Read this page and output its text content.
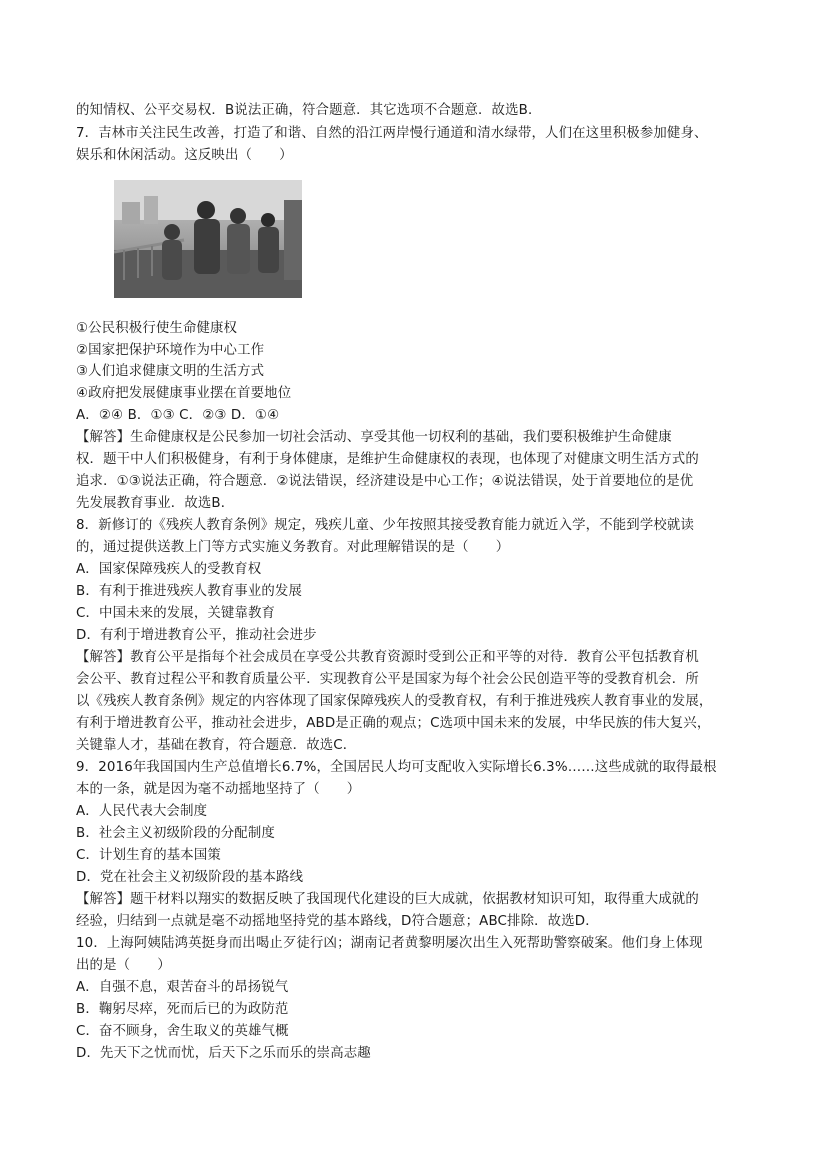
的知情权、公平交易权．B说法正确，符合题意．其它选项不合题意．故选B．
7．吉林市关注民生改善，打造了和谐、自然的沿江两岸慢行通道和清水绿带，人们在这里积极参加健身、
娱乐和休闲活动。这反映出（　　）
①公民积极行使生命健康权
②国家把保护环境作为中心工作
③人们追求健康文明的生活方式
④政府把发展健康事业摆在首要地位
A．②④ B．①③ C．②③ D．①④
【解答】生命健康权是公民参加一切社会活动、享受其他一切权利的基础，我们要积极维护生命健康
权．题干中人们积极健身，有利于身体健康，是维护生命健康权的表现，也体现了对健康文明生活方式的
追求．①③说法正确，符合题意．②说法错误，经济建设是中心工作；④说法错误，处于首要地位的是优
先发展教育事业．故选B．
8．新修订的《残疾人教育条例》规定，残疾儿童、少年按照其接受教育能力就近入学，不能到学校就读
的，通过提供送教上门等方式实施义务教育。对此理解错误的是（　　）
A．国家保障残疾人的受教育权
B．有利于推进残疾人教育事业的发展
C．中国未来的发展，关键靠教育
D．有利于增进教育公平，推动社会进步
【解答】教育公平是指每个社会成员在享受公共教育资源时受到公正和平等的对待．教育公平包括教育机
会公平、教育过程公平和教育质量公平．实现教育公平是国家为每个社会公民创造平等的受教育机会．所
以《残疾人教育条例》规定的内容体现了国家保障残疾人的受教育权，有利于推进残疾人教育事业的发展，
有利于增进教育公平，推动社会进步，ABD是正确的观点；C选项中国未来的发展，中华民族的伟大复兴，
关键靠人才，基础在教育，符合题意．故选C．
9．2016年我国国内生产总值增长6.7%，全国居民人均可支配收入实际增长6.3%……这些成就的取得最根
本的一条，就是因为毫不动摇地坚持了（　　）
A．人民代表大会制度
B．社会主义初级阶段的分配制度
C．计划生育的基本国策
D．党在社会主义初级阶段的基本路线
【解答】题干材料以翔实的数据反映了我国现代化建设的巨大成就，依据教材知识可知，取得重大成就的
经验，归结到一点就是毫不动摇地坚持党的基本路线，D符合题意；ABC排除．故选D．
10．上海阿姨陆鸿英挺身而出喝止歹徒行凶；湖南记者黄黎明屡次出生入死帮助警察破案。他们身上体现
出的是（　　）
A．自强不息，艰苦奋斗的昂扬锐气
B．鞠躬尽瘁，死而后已的为政防范
C．奋不顾身，舍生取义的英雄气概
D．先天下之忧而忧，后天下之乐而乐的崇高志趣
